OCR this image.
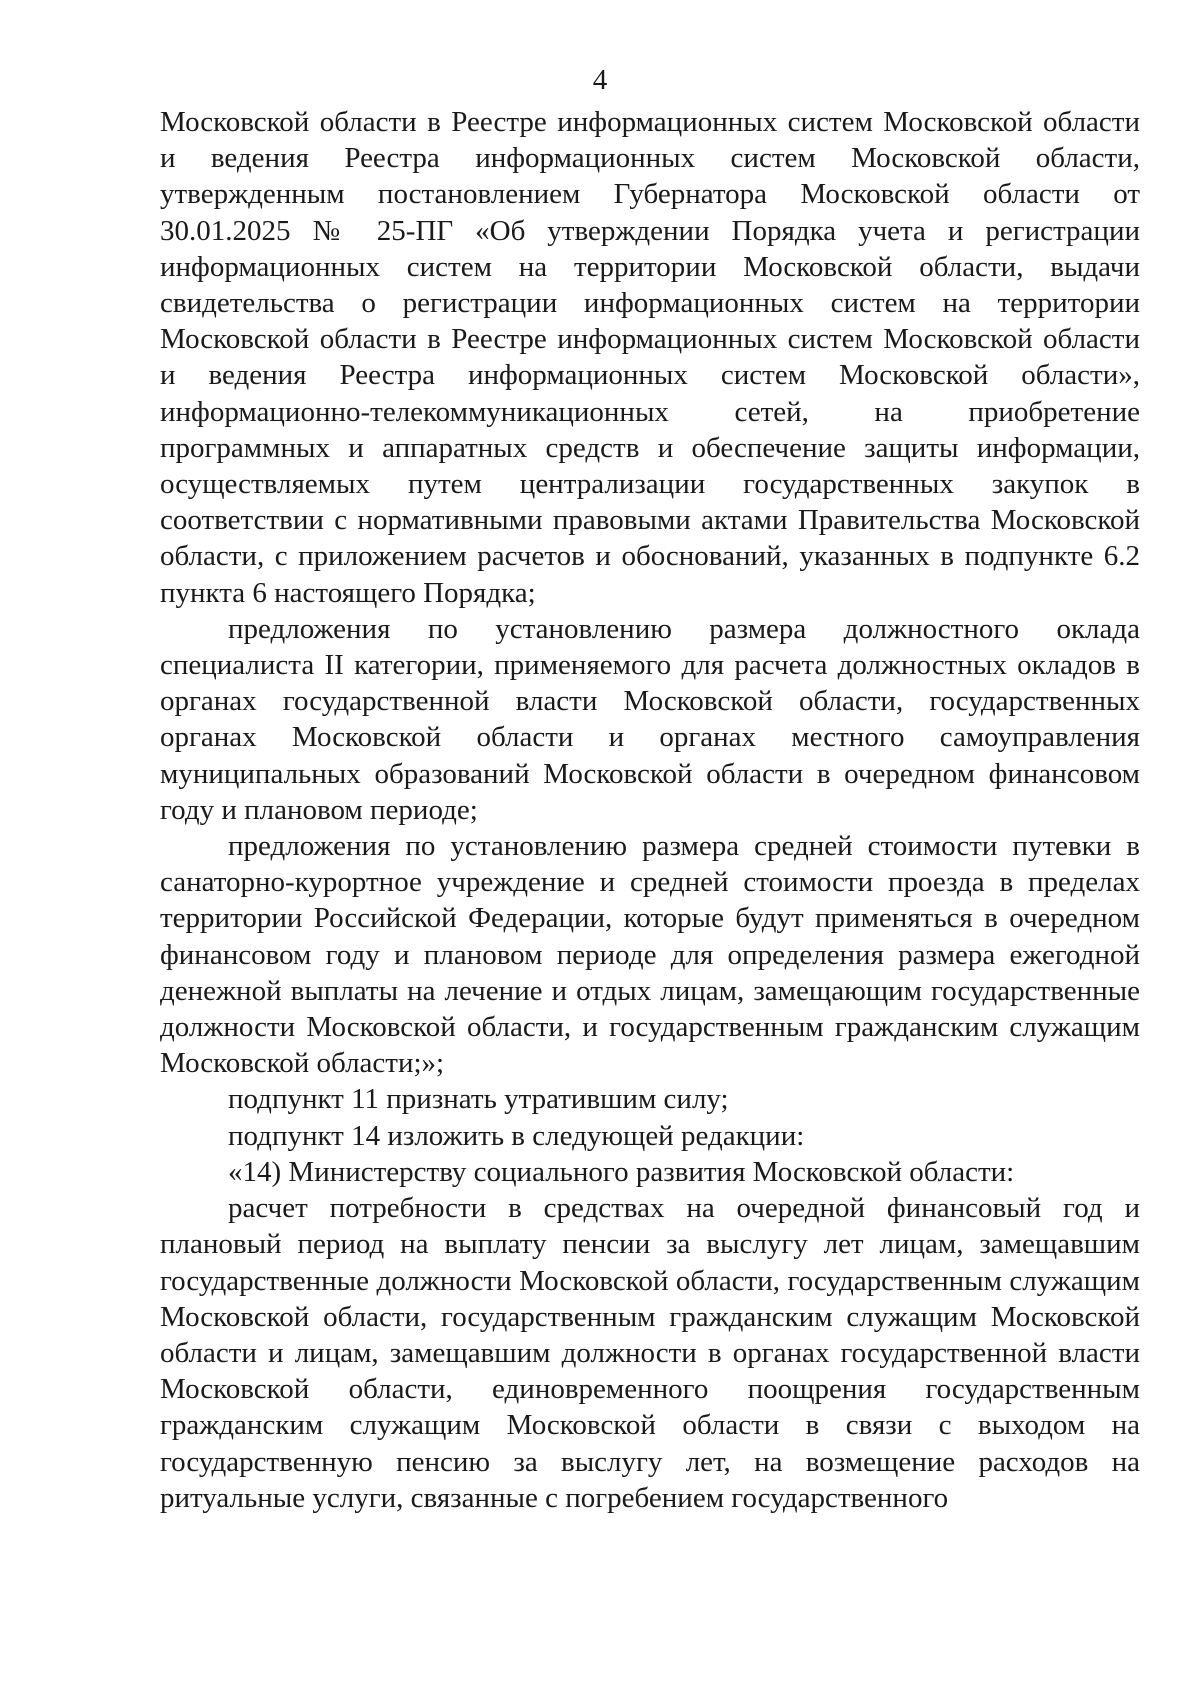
4

Московской области в Реестре информационных систем Московской области и ведения Реестра информационных систем Московской области, утвержденным постановлением Губернатора Московской области от 30.01.2025 № 25-ПГ «Об утверждении Порядка учета и регистрации информационных систем на территории Московской области, выдачи свидетельства о регистрации информационных систем на территории Московской области в Реестре информационных систем Московской области и ведения Реестра информационных систем Московской области», информационно-телекоммуникационных сетей, на приобретение программных и аппаратных средств и обеспечение защиты информации, осуществляемых путем централизации государственных закупок в соответствии с нормативными правовыми актами Правительства Московской области, с приложением расчетов и обоснований, указанных в подпункте 6.2 пункта 6 настоящего Порядка;

предложения по установлению размера должностного оклада специалиста II категории, применяемого для расчета должностных окладов в органах государственной власти Московской области, государственных органах Московской области и органах местного самоуправления муниципальных образований Московской области в очередном финансовом году и плановом периоде;

предложения по установлению размера средней стоимости путевки в санаторно-курортное учреждение и средней стоимости проезда в пределах территории Российской Федерации, которые будут применяться в очередном финансовом году и плановом периоде для определения размера ежегодной денежной выплаты на лечение и отдых лицам, замещающим государственные должности Московской области, и государственным гражданским служащим Московской области;»;

подпункт 11 признать утратившим силу;

подпункт 14 изложить в следующей редакции:

«14) Министерству социального развития Московской области:

расчет потребности в средствах на очередной финансовый год и плановый период на выплату пенсии за выслугу лет лицам, замещавшим государственные должности Московской области, государственным служащим Московской области, государственным гражданским служащим Московской области и лицам, замещавшим должности в органах государственной власти Московской области, единовременного поощрения государственным гражданским служащим Московской области в связи с выходом на государственную пенсию за выслугу лет, на возмещение расходов на ритуальные услуги, связанные с погребением государственного
